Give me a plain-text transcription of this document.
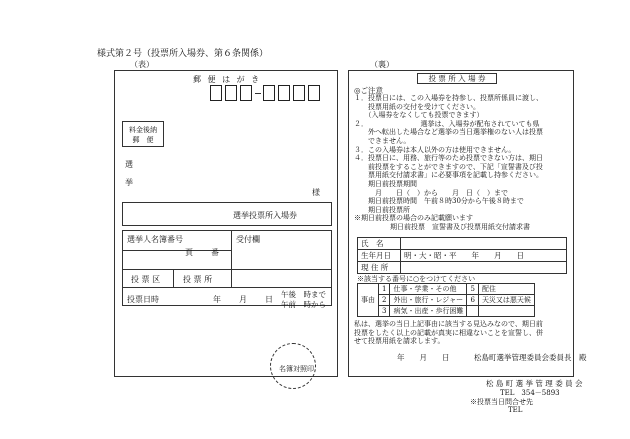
様式第２号（投票所入場券、第６条関係）
（表）	（裏）
郵 便 は が き
料金後納
郵　便
選
挙
様
選挙投票所入場券
選挙人名簿番号
頁 番
受付欄
投 票 区	投 票 所
投票日時	年 月 日
午後　時まで
午前　時から
名簿対照印
投 票 所 入 場 券
◎ご注意
１．投票日には、この入場券を持参し、投票所係員に渡し、
　　投票用紙の交付を受けてください。
　　（入場券をなくしても投票できます）
２．　　　　　　　　選挙は、入場券が配布されていても県
　　外へ転出した場合など選挙の当日選挙権のない人は投票
　　できません。
３．この入場券は本人以外の方は使用できません。
４．投票日に、用務、旅行等のため投票できない方は、期日
　　前投票をすることができますので、下記「宣誓書及び投
　　票用紙交付請求書」に必要事項を記載し持参ください。
　　期日前投票期間
　　　月　　日（　）から　　月　日（　）まで
　　期日前投票時間　午前８時30分から午後８時まで
　　期日前投票所
※期日前投票の場合のみ記載願います
期日前投票　宣誓書及び投票用紙交付請求書
氏　名	
生年月日	明・大・昭・平　　年　　月　　日
現 住 所	
※該当する番号に○をつけてください
事由	1	仕事・学業・その他	5	配住
	2	外出・旅行・レジャー	6	天災又は悪天候
	3	病気・出産・歩行困難		
私は、選挙の当日上記事由に該当する見込みなので、期日前
投票をしたく以上の記載が真実に相違ないことを宣誓し、併
せて投票用紙を請求します。
年　　月　　日	松島町選挙管理委員会委員長　殿
松 島 町 選 挙 管 理 委 員 会
TEL　354－5893
※投票当日問合せ先
TEL
